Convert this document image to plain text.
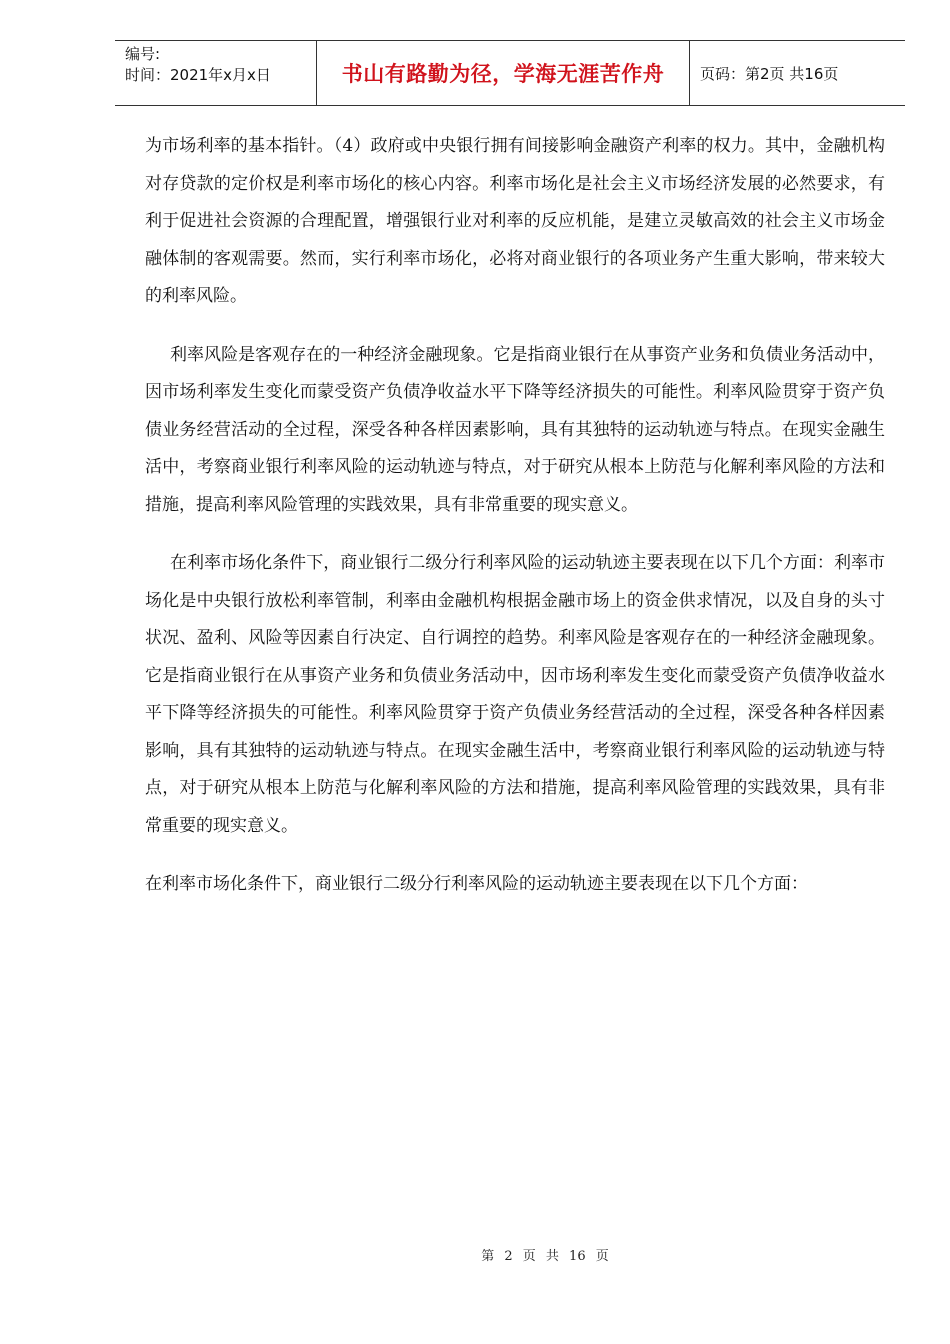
编号:
时间：2021年x月x日	书山有路勤为径，学海无涯苦作舟	页码：第2页 共16页

为市场利率的基本指针。（4）政府或中央银行拥有间接影响金融资产利率的权力。其中，金融机构对存贷款的定价权是利率市场化的核心内容。利率市场化是社会主义市场经济发展的必然要求，有利于促进社会资源的合理配置，增强银行业对利率的反应机能，是建立灵敏高效的社会主义市场金融体制的客观需要。然而，实行利率市场化，必将对商业银行的各项业务产生重大影响，带来较大的利率风险。

利率风险是客观存在的一种经济金融现象。它是指商业银行在从事资产业务和负债业务活动中，因市场利率发生变化而蒙受资产负债净收益水平下降等经济损失的可能性。利率风险贯穿于资产负债业务经营活动的全过程，深受各种各样因素影响，具有其独特的运动轨迹与特点。在现实金融生活中，考察商业银行利率风险的运动轨迹与特点，对于研究从根本上防范与化解利率风险的方法和措施，提高利率风险管理的实践效果，具有非常重要的现实意义。

在利率市场化条件下，商业银行二级分行利率风险的运动轨迹主要表现在以下几个方面：利率市场化是中央银行放松利率管制，利率由金融机构根据金融市场上的资金供求情况，以及自身的头寸状况、盈利、风险等因素自行决定、自行调控的趋势。利率风险是客观存在的一种经济金融现象。它是指商业银行在从事资产业务和负债业务活动中，因市场利率发生变化而蒙受资产负债净收益水平下降等经济损失的可能性。利率风险贯穿于资产负债业务经营活动的全过程，深受各种各样因素影响，具有其独特的运动轨迹与特点。在现实金融生活中，考察商业银行利率风险的运动轨迹与特点，对于研究从根本上防范与化解利率风险的方法和措施，提高利率风险管理的实践效果，具有非常重要的现实意义。

在利率市场化条件下，商业银行二级分行利率风险的运动轨迹主要表现在以下几个方面：

第 2 页 共 16 页
